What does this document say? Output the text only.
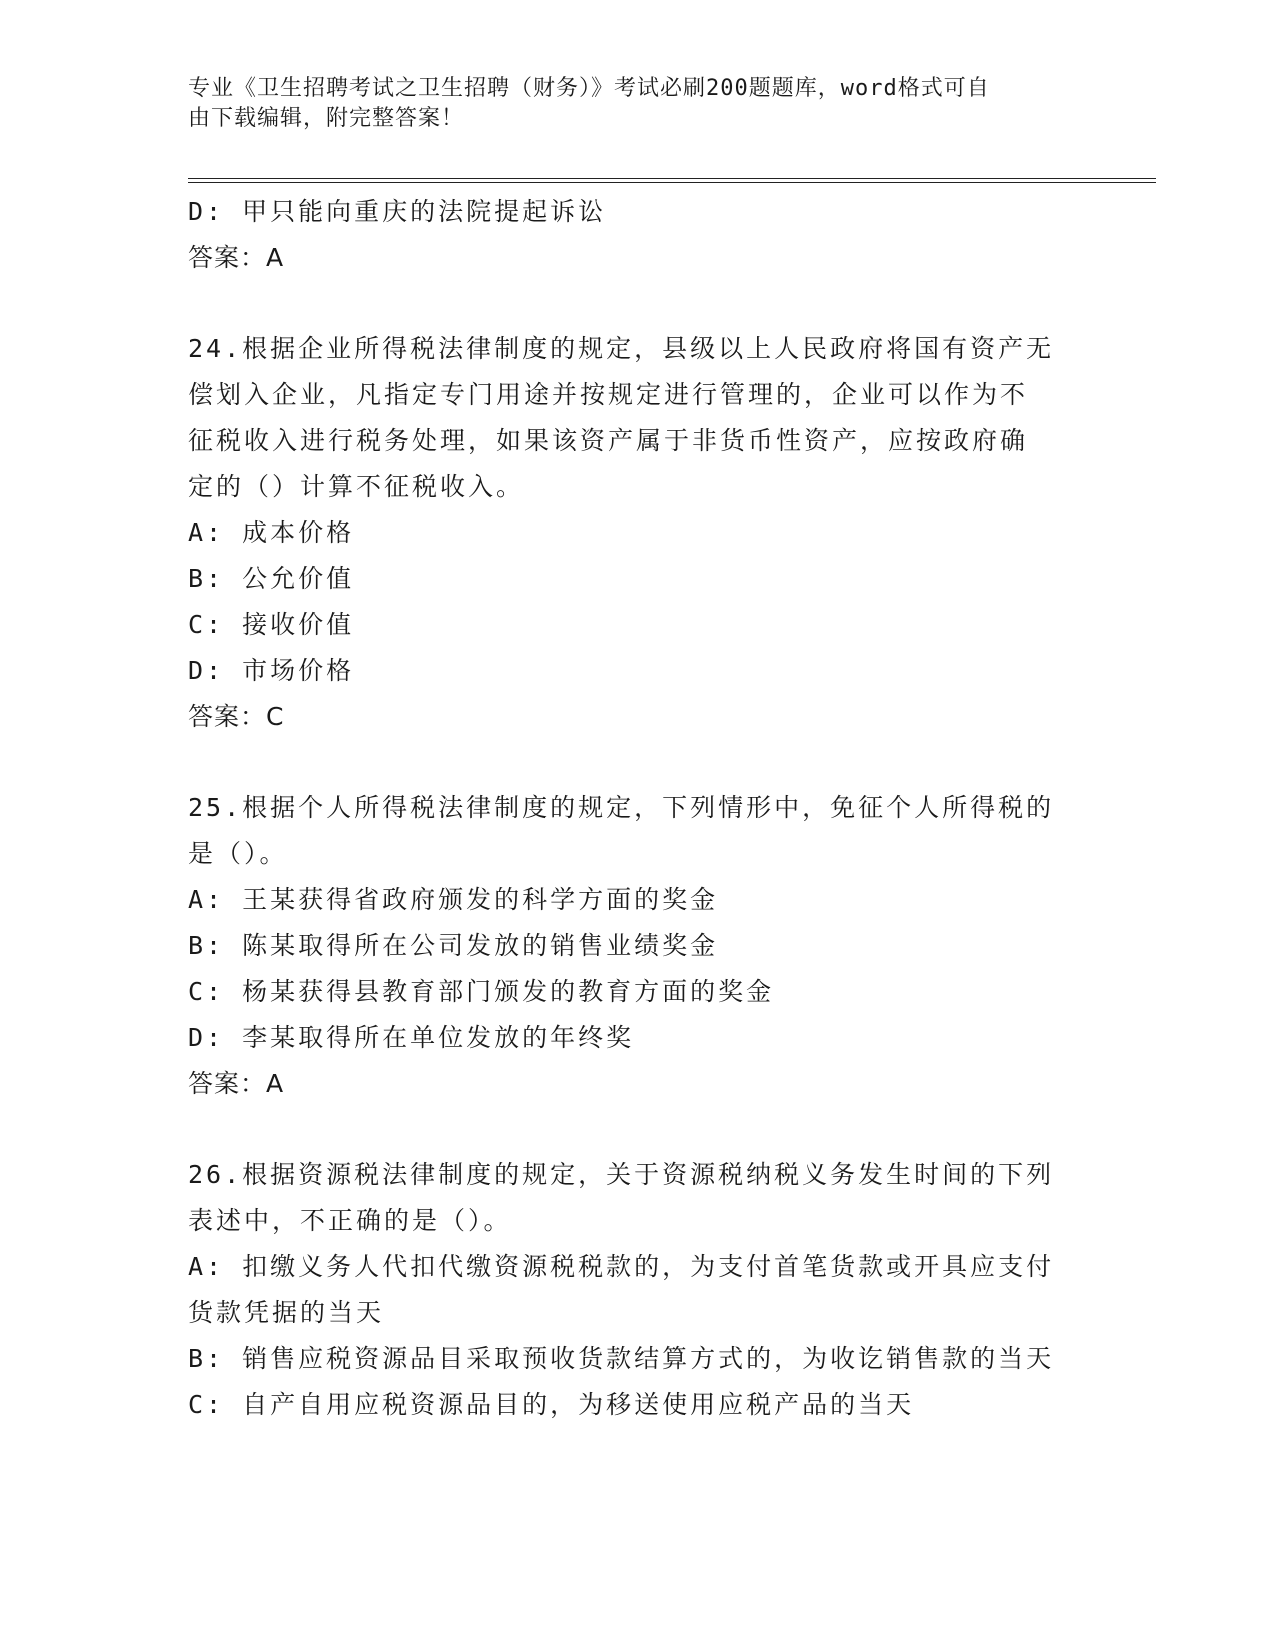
专业《卫生招聘考试之卫生招聘（财务）》考试必刷200题题库，word格式可自
由下载编辑，附完整答案！
D: 甲只能向重庆的法院提起诉讼
答案：A
24.根据企业所得税法律制度的规定，县级以上人民政府将国有资产无
偿划入企业，凡指定专门用途并按规定进行管理的，企业可以作为不
征税收入进行税务处理，如果该资产属于非货币性资产，应按政府确
定的（）计算不征税收入。
A: 成本价格
B: 公允价值
C: 接收价值
D: 市场价格
答案：C
25.根据个人所得税法律制度的规定，下列情形中，免征个人所得税的
是（）。
A: 王某获得省政府颁发的科学方面的奖金
B: 陈某取得所在公司发放的销售业绩奖金
C: 杨某获得县教育部门颁发的教育方面的奖金
D: 李某取得所在单位发放的年终奖
答案：A
26.根据资源税法律制度的规定，关于资源税纳税义务发生时间的下列
表述中，不正确的是（）。
A: 扣缴义务人代扣代缴资源税税款的，为支付首笔货款或开具应支付
货款凭据的当天
B: 销售应税资源品目采取预收货款结算方式的，为收讫销售款的当天
C: 自产自用应税资源品目的，为移送使用应税产品的当天
